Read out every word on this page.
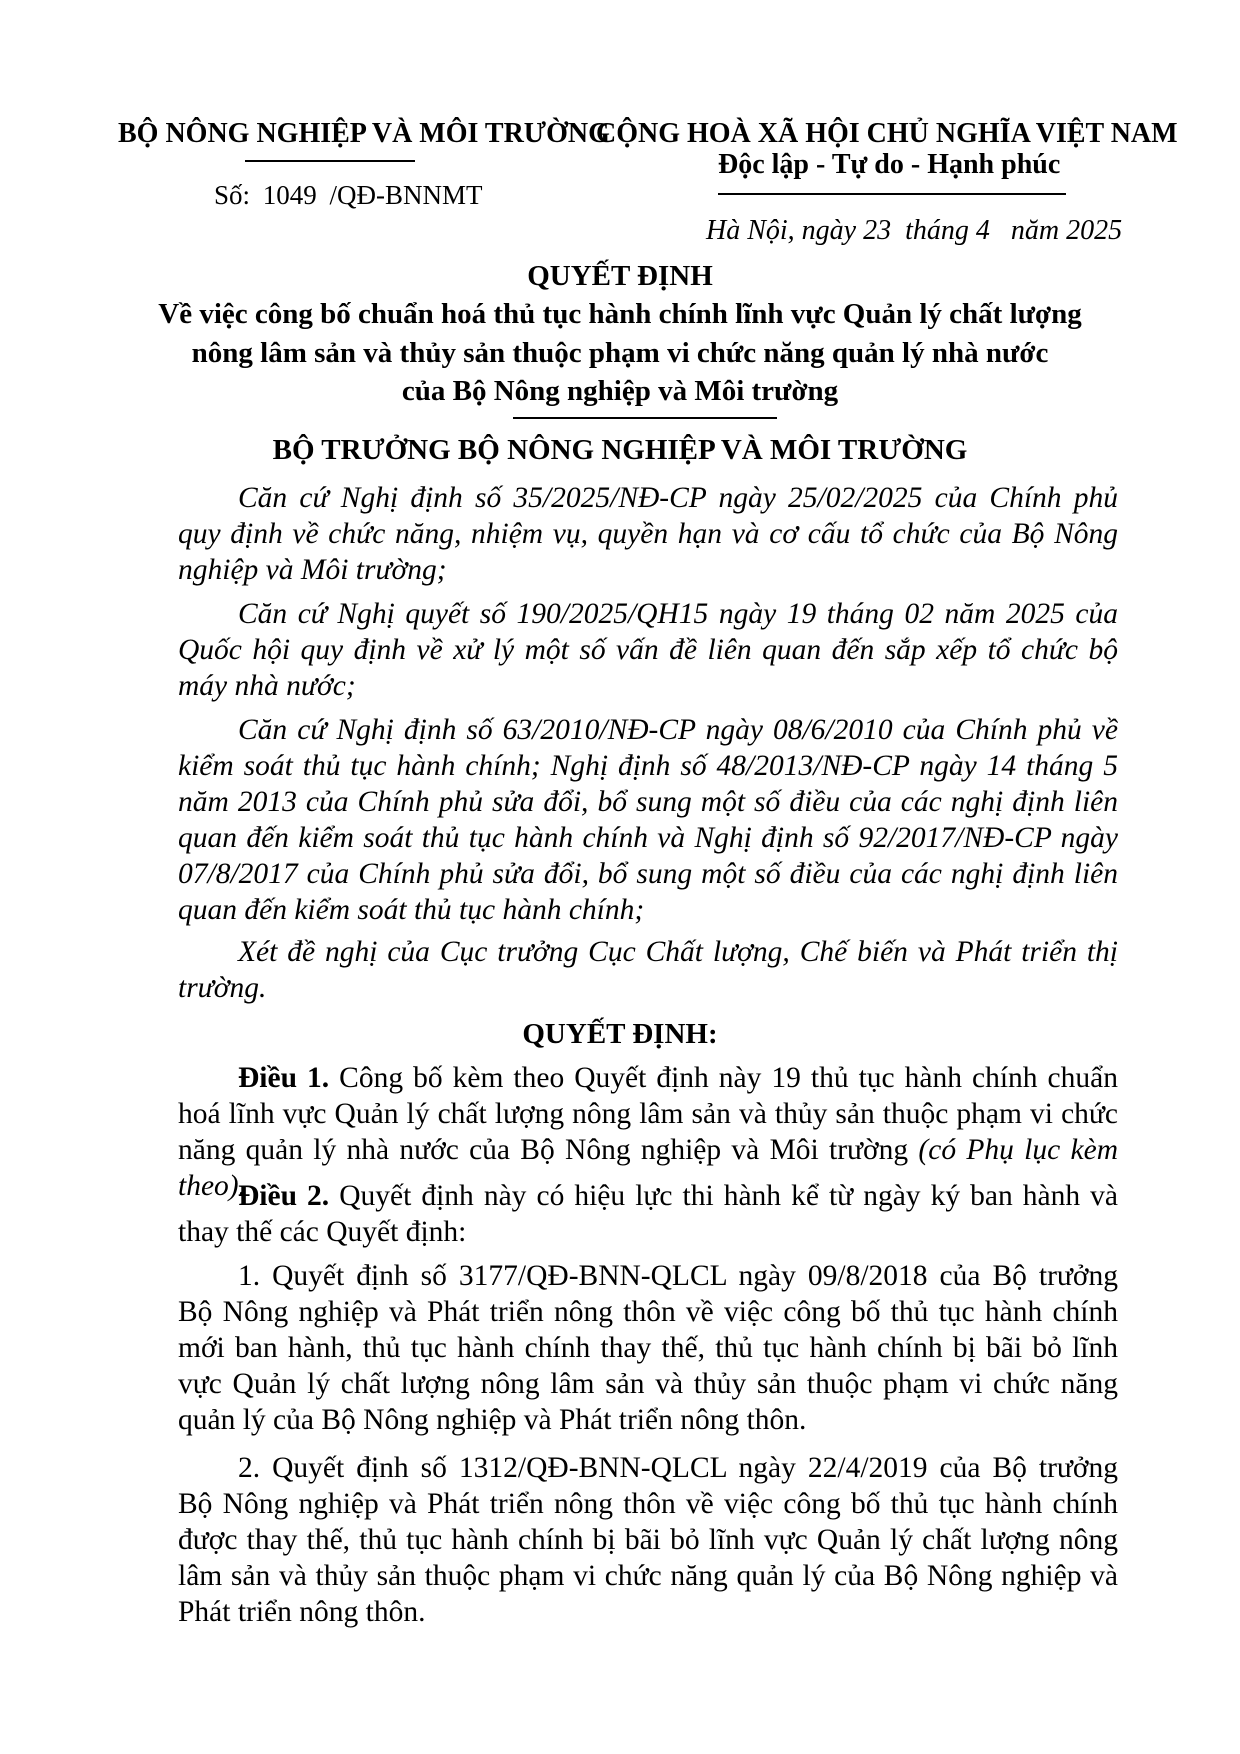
BỘ NÔNG NGHIỆP VÀ MÔI TRƯỜNG
Số: 1049 /QĐ-BNNMT
CỘNG HOÀ XÃ HỘI CHỦ NGHĨA VIỆT NAM
Độc lập - Tự do - Hạnh phúc
Hà Nội, ngày 23  tháng 4   năm 2025
QUYẾT ĐỊNH
Về việc công bố chuẩn hoá thủ tục hành chính lĩnh vực Quản lý chất lượng
nông lâm sản và thủy sản thuộc phạm vi chức năng quản lý nhà nước
của Bộ Nông nghiệp và Môi trường
BỘ TRƯỞNG BỘ NÔNG NGHIỆP VÀ MÔI TRƯỜNG
Căn cứ Nghị định số 35/2025/NĐ-CP ngày 25/02/2025 của Chính phủ quy định về chức năng, nhiệm vụ, quyền hạn và cơ cấu tổ chức của Bộ Nông nghiệp và Môi trường;
Căn cứ Nghị quyết số 190/2025/QH15 ngày 19 tháng 02 năm 2025 của Quốc hội quy định về xử lý một số vấn đề liên quan đến sắp xếp tổ chức bộ máy nhà nước;
Căn cứ Nghị định số 63/2010/NĐ-CP ngày 08/6/2010 của Chính phủ về kiểm soát thủ tục hành chính; Nghị định số 48/2013/NĐ-CP ngày 14 tháng 5 năm 2013 của Chính phủ sửa đổi, bổ sung một số điều của các nghị định liên quan đến kiểm soát thủ tục hành chính và Nghị định số 92/2017/NĐ-CP ngày 07/8/2017 của Chính phủ sửa đổi, bổ sung một số điều của các nghị định liên quan đến kiểm soát thủ tục hành chính;
Xét đề nghị của Cục trưởng Cục Chất lượng, Chế biến và Phát triển thị trường.
QUYẾT ĐỊNH:
Điều 1. Công bố kèm theo Quyết định này 19 thủ tục hành chính chuẩn hoá lĩnh vực Quản lý chất lượng nông lâm sản và thủy sản thuộc phạm vi chức năng quản lý nhà nước của Bộ Nông nghiệp và Môi trường (có Phụ lục kèm theo).
Điều 2. Quyết định này có hiệu lực thi hành kể từ ngày ký ban hành và thay thế các Quyết định:
1. Quyết định số 3177/QĐ-BNN-QLCL ngày 09/8/2018 của Bộ trưởng Bộ Nông nghiệp và Phát triển nông thôn về việc công bố thủ tục hành chính mới ban hành, thủ tục hành chính thay thế, thủ tục hành chính bị bãi bỏ lĩnh vực Quản lý chất lượng nông lâm sản và thủy sản thuộc phạm vi chức năng quản lý của Bộ Nông nghiệp và Phát triển nông thôn.
2. Quyết định số 1312/QĐ-BNN-QLCL ngày 22/4/2019 của Bộ trưởng Bộ Nông nghiệp và Phát triển nông thôn về việc công bố thủ tục hành chính được thay thế, thủ tục hành chính bị bãi bỏ lĩnh vực Quản lý chất lượng nông lâm sản và thủy sản thuộc phạm vi chức năng quản lý của Bộ Nông nghiệp và Phát triển nông thôn.
